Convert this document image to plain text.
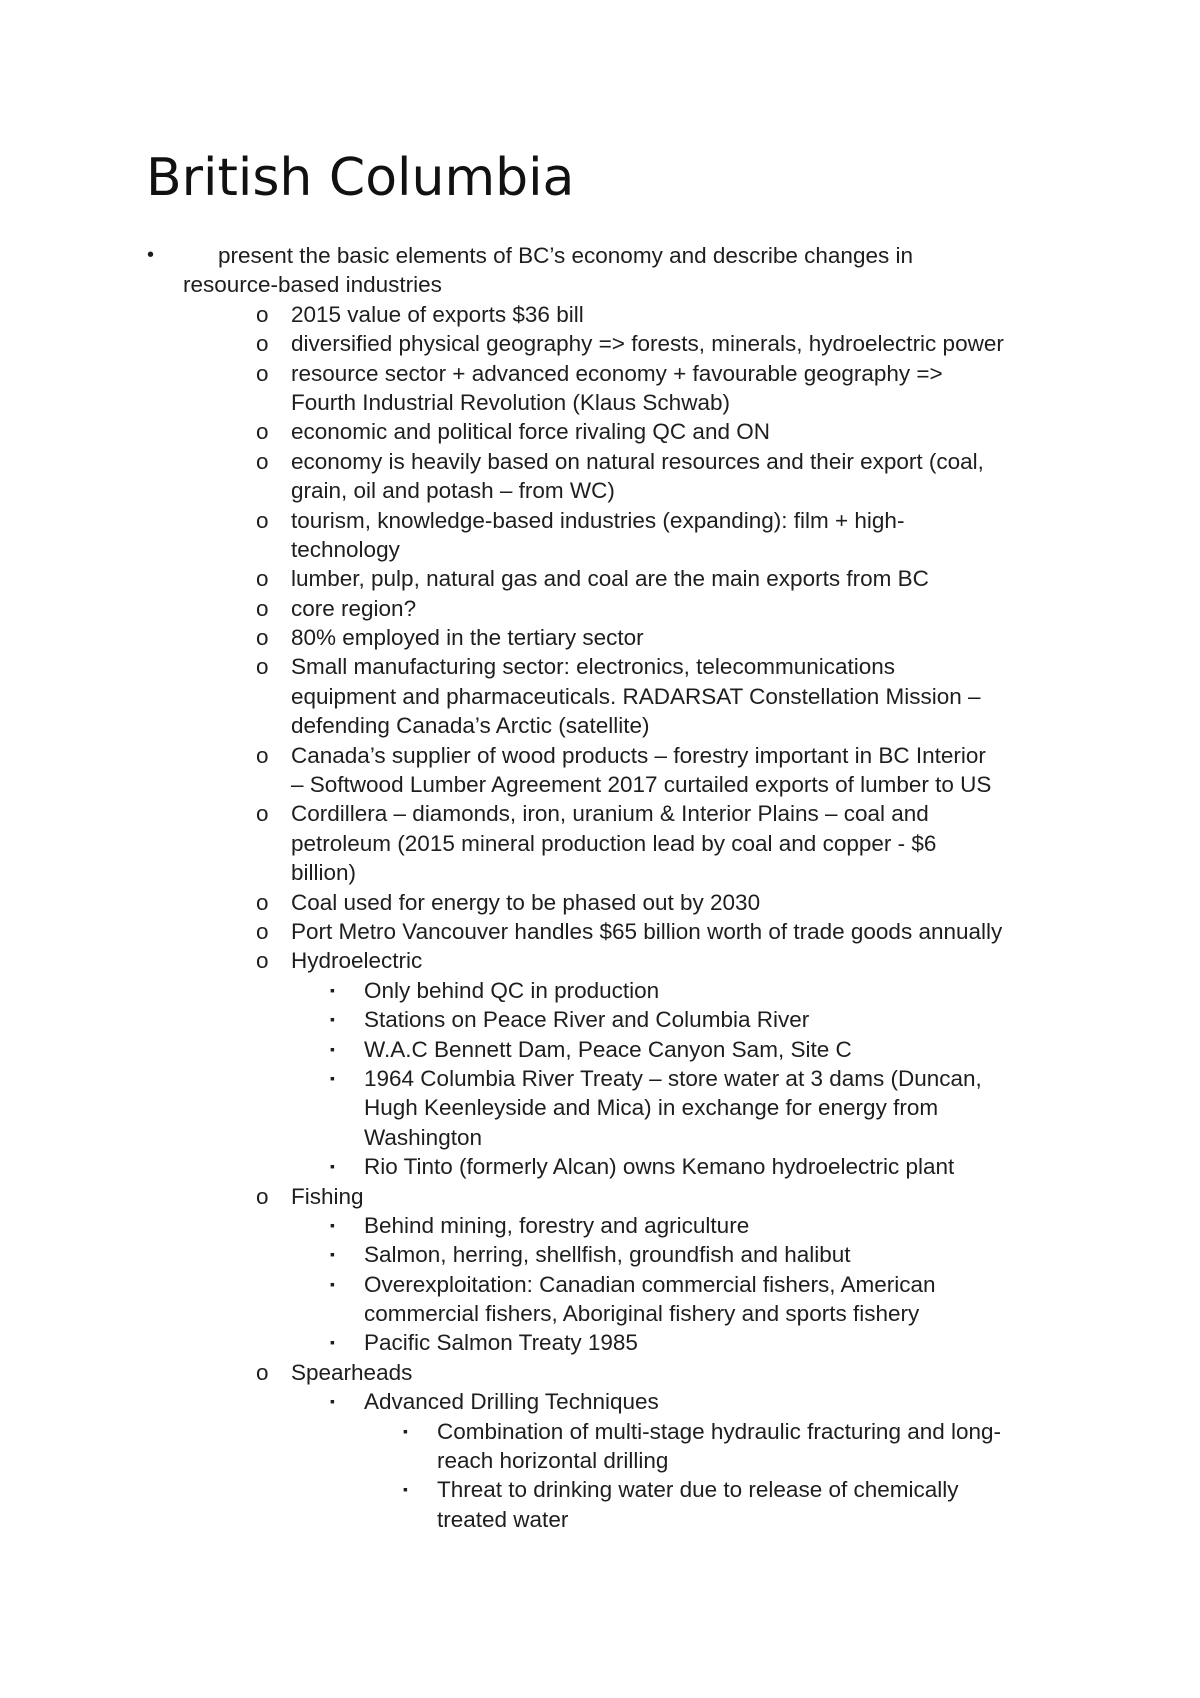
British Columbia
•	present the basic elements of BC’s economy and describe changes in
resource-based industries
o 2015 value of exports $36 bill
o diversified physical geography => forests, minerals, hydroelectric power
o resource sector + advanced economy + favourable geography =>
Fourth Industrial Revolution (Klaus Schwab)
o economic and political force rivaling QC and ON
o economy is heavily based on natural resources and their export (coal,
grain, oil and potash – from WC)
o tourism, knowledge-based industries (expanding): film + high-
technology
o lumber, pulp, natural gas and coal are the main exports from BC
o core region?
o 80% employed in the tertiary sector
o Small manufacturing sector: electronics, telecommunications
equipment and pharmaceuticals. RADARSAT Constellation Mission –
defending Canada’s Arctic (satellite)
o Canada’s supplier of wood products – forestry important in BC Interior
– Softwood Lumber Agreement 2017 curtailed exports of lumber to US
o Cordillera – diamonds, iron, uranium & Interior Plains – coal and
petroleum (2015 mineral production lead by coal and copper - $6
billion)
o Coal used for energy to be phased out by 2030
o Port Metro Vancouver handles $65 billion worth of trade goods annually
o Hydroelectric
▪ Only behind QC in production
▪ Stations on Peace River and Columbia River
▪ W.A.C Bennett Dam, Peace Canyon Sam, Site C
▪ 1964 Columbia River Treaty – store water at 3 dams (Duncan,
Hugh Keenleyside and Mica) in exchange for energy from
Washington
▪ Rio Tinto (formerly Alcan) owns Kemano hydroelectric plant
o Fishing
▪ Behind mining, forestry and agriculture
▪ Salmon, herring, shellfish, groundfish and halibut
▪ Overexploitation: Canadian commercial fishers, American
commercial fishers, Aboriginal fishery and sports fishery
▪ Pacific Salmon Treaty 1985
o Spearheads
▪ Advanced Drilling Techniques
▪ Combination of multi-stage hydraulic fracturing and long-
reach horizontal drilling
▪ Threat to drinking water due to release of chemically
treated water
